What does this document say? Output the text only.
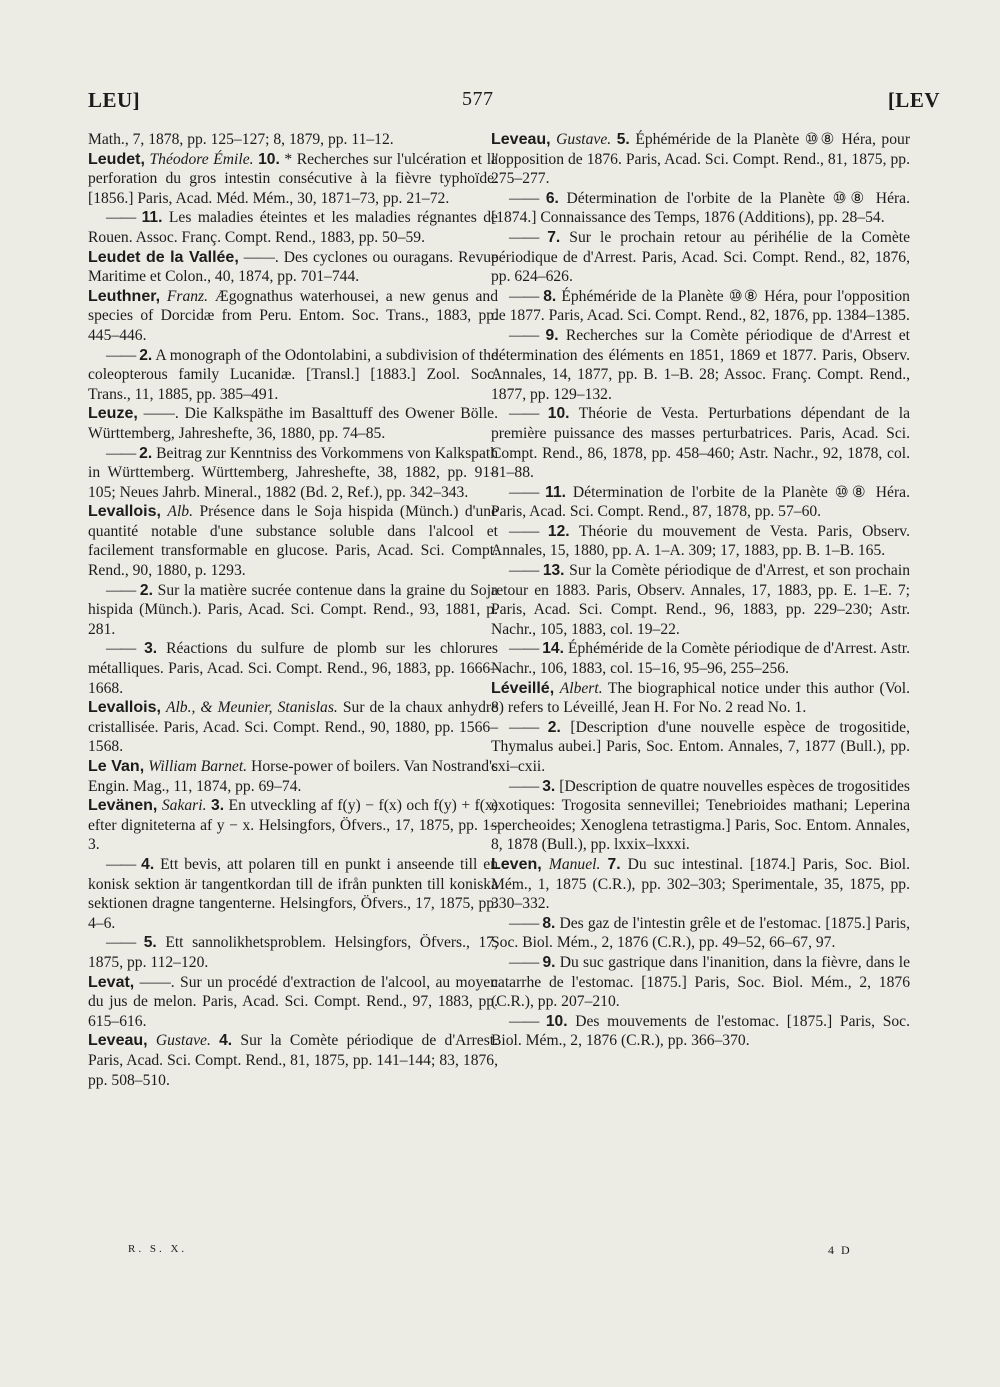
LEU]	577	[LEV
Math., 7, 1878, pp. 125–127; 8, 1879, pp. 11–12.
Leudet, Théodore Émile. 10. * Recherches sur l'ulcération et la perforation du gros intestin consécutive à la fièvre typhoïde. [1856.] Paris, Acad. Méd. Mém., 30, 1871–73, pp. 21–72.
—— 11. Les maladies éteintes et les maladies régnantes de Rouen. Assoc. Franç. Compt. Rend., 1883, pp. 50–59.
Leudet de la Vallée, ——. Des cyclones ou ouragans. Revue Maritime et Colon., 40, 1874, pp. 701–744.
Leuthner, Franz. Ægognathus waterhousei, a new genus and species of Dorcidæ from Peru. Entom. Soc. Trans., 1883, pp. 445–446.
—— 2. A monograph of the Odontolabini, a subdivision of the coleopterous family Lucanidæ. [Transl.] [1883.] Zool. Soc. Trans., 11, 1885, pp. 385–491.
Leuze, ——. Die Kalkspäthe im Basalttuff des Owener Bölle. Württemberg, Jahreshefte, 36, 1880, pp. 74–85.
—— 2. Beitrag zur Kenntniss des Vorkommens von Kalkspath in Württemberg. Württemberg, Jahreshefte, 38, 1882, pp. 91–105; Neues Jahrb. Mineral., 1882 (Bd. 2, Ref.), pp. 342–343.
Levallois, Alb. Présence dans le Soja hispida (Münch.) d'une quantité notable d'une substance soluble dans l'alcool et facilement transformable en glucose. Paris, Acad. Sci. Compt. Rend., 90, 1880, p. 1293.
—— 2. Sur la matière sucrée contenue dans la graine du Soja hispida (Münch.). Paris, Acad. Sci. Compt. Rend., 93, 1881, p. 281.
—— 3. Réactions du sulfure de plomb sur les chlorures métalliques. Paris, Acad. Sci. Compt. Rend., 96, 1883, pp. 1666–1668.
Levallois, Alb., & Meunier, Stanislas. Sur de la chaux anhydre cristallisée. Paris, Acad. Sci. Compt. Rend., 90, 1880, pp. 1566–1568.
Le Van, William Barnet. Horse-power of boilers. Van Nostrand's Engin. Mag., 11, 1874, pp. 69–74.
Levänen, Sakari. 3. En utveckling af f(y) − f(x) och f(y) + f(x) efter digniteterna af y − x. Helsingfors, Öfvers., 17, 1875, pp. 1–3.
—— 4. Ett bevis, att polaren till en punkt i anseende till en konisk sektion är tangentkordan till de ifrån punkten till koniska sektionen dragne tangenterne. Helsingfors, Öfvers., 17, 1875, pp. 4–6.
—— 5. Ett sannolikhetsproblem. Helsingfors, Öfvers., 17, 1875, pp. 112–120.
Levat, ——. Sur un procédé d'extraction de l'alcool, au moyen du jus de melon. Paris, Acad. Sci. Compt. Rend., 97, 1883, pp. 615–616.
Leveau, Gustave. 4. Sur la Comète périodique de d'Arrest. Paris, Acad. Sci. Compt. Rend., 81, 1875, pp. 141–144; 83, 1876, pp. 508–510.
Leveau, Gustave. 5. Éphéméride de la Planète ⑩⑧ Héra, pour l'opposition de 1876. Paris, Acad. Sci. Compt. Rend., 81, 1875, pp. 275–277.
—— 6. Détermination de l'orbite de la Planète ⑩⑧ Héra. [1874.] Connaissance des Temps, 1876 (Additions), pp. 28–54.
—— 7. Sur le prochain retour au périhélie de la Comète périodique de d'Arrest. Paris, Acad. Sci. Compt. Rend., 82, 1876, pp. 624–626.
—— 8. Éphéméride de la Planète ⑩⑧ Héra, pour l'opposition de 1877. Paris, Acad. Sci. Compt. Rend., 82, 1876, pp. 1384–1385.
—— 9. Recherches sur la Comète périodique de d'Arrest et détermination des éléments en 1851, 1869 et 1877. Paris, Observ. Annales, 14, 1877, pp. B. 1–B. 28; Assoc. Franç. Compt. Rend., 1877, pp. 129–132.
—— 10. Théorie de Vesta. Perturbations dépendant de la première puissance des masses perturbatrices. Paris, Acad. Sci. Compt. Rend., 86, 1878, pp. 458–460; Astr. Nachr., 92, 1878, col. 81–88.
—— 11. Détermination de l'orbite de la Planète ⑩⑧ Héra. Paris, Acad. Sci. Compt. Rend., 87, 1878, pp. 57–60.
—— 12. Théorie du mouvement de Vesta. Paris, Observ. Annales, 15, 1880, pp. A. 1–A. 309; 17, 1883, pp. B. 1–B. 165.
—— 13. Sur la Comète périodique de d'Arrest, et son prochain retour en 1883. Paris, Observ. Annales, 17, 1883, pp. E. 1–E. 7; Paris, Acad. Sci. Compt. Rend., 96, 1883, pp. 229–230; Astr. Nachr., 105, 1883, col. 19–22.
—— 14. Éphéméride de la Comète périodique de d'Arrest. Astr. Nachr., 106, 1883, col. 15–16, 95–96, 255–256.
Léveillé, Albert. The biographical notice under this author (Vol. 8) refers to Léveillé, Jean H. For No. 2 read No. 1.
—— 2. [Description d'une nouvelle espèce de trogositide, Thymalus aubei.] Paris, Soc. Entom. Annales, 7, 1877 (Bull.), pp. cxi–cxii.
—— 3. [Description de quatre nouvelles espèces de trogositides exotiques: Trogosita sennevillei; Tenebrioides mathani; Leperina spercheoides; Xenoglena tetrastigma.] Paris, Soc. Entom. Annales, 8, 1878 (Bull.), pp. lxxix–lxxxi.
Leven, Manuel. 7. Du suc intestinal. [1874.] Paris, Soc. Biol. Mém., 1, 1875 (C.R.), pp. 302–303; Sperimentale, 35, 1875, pp. 330–332.
—— 8. Des gaz de l'intestin grêle et de l'estomac. [1875.] Paris, Soc. Biol. Mém., 2, 1876 (C.R.), pp. 49–52, 66–67, 97.
—— 9. Du suc gastrique dans l'inanition, dans la fièvre, dans le catarrhe de l'estomac. [1875.] Paris, Soc. Biol. Mém., 2, 1876 (C.R.), pp. 207–210.
—— 10. Des mouvements de l'estomac. [1875.] Paris, Soc. Biol. Mém., 2, 1876 (C.R.), pp. 366–370.
R. S. X.	4 D
